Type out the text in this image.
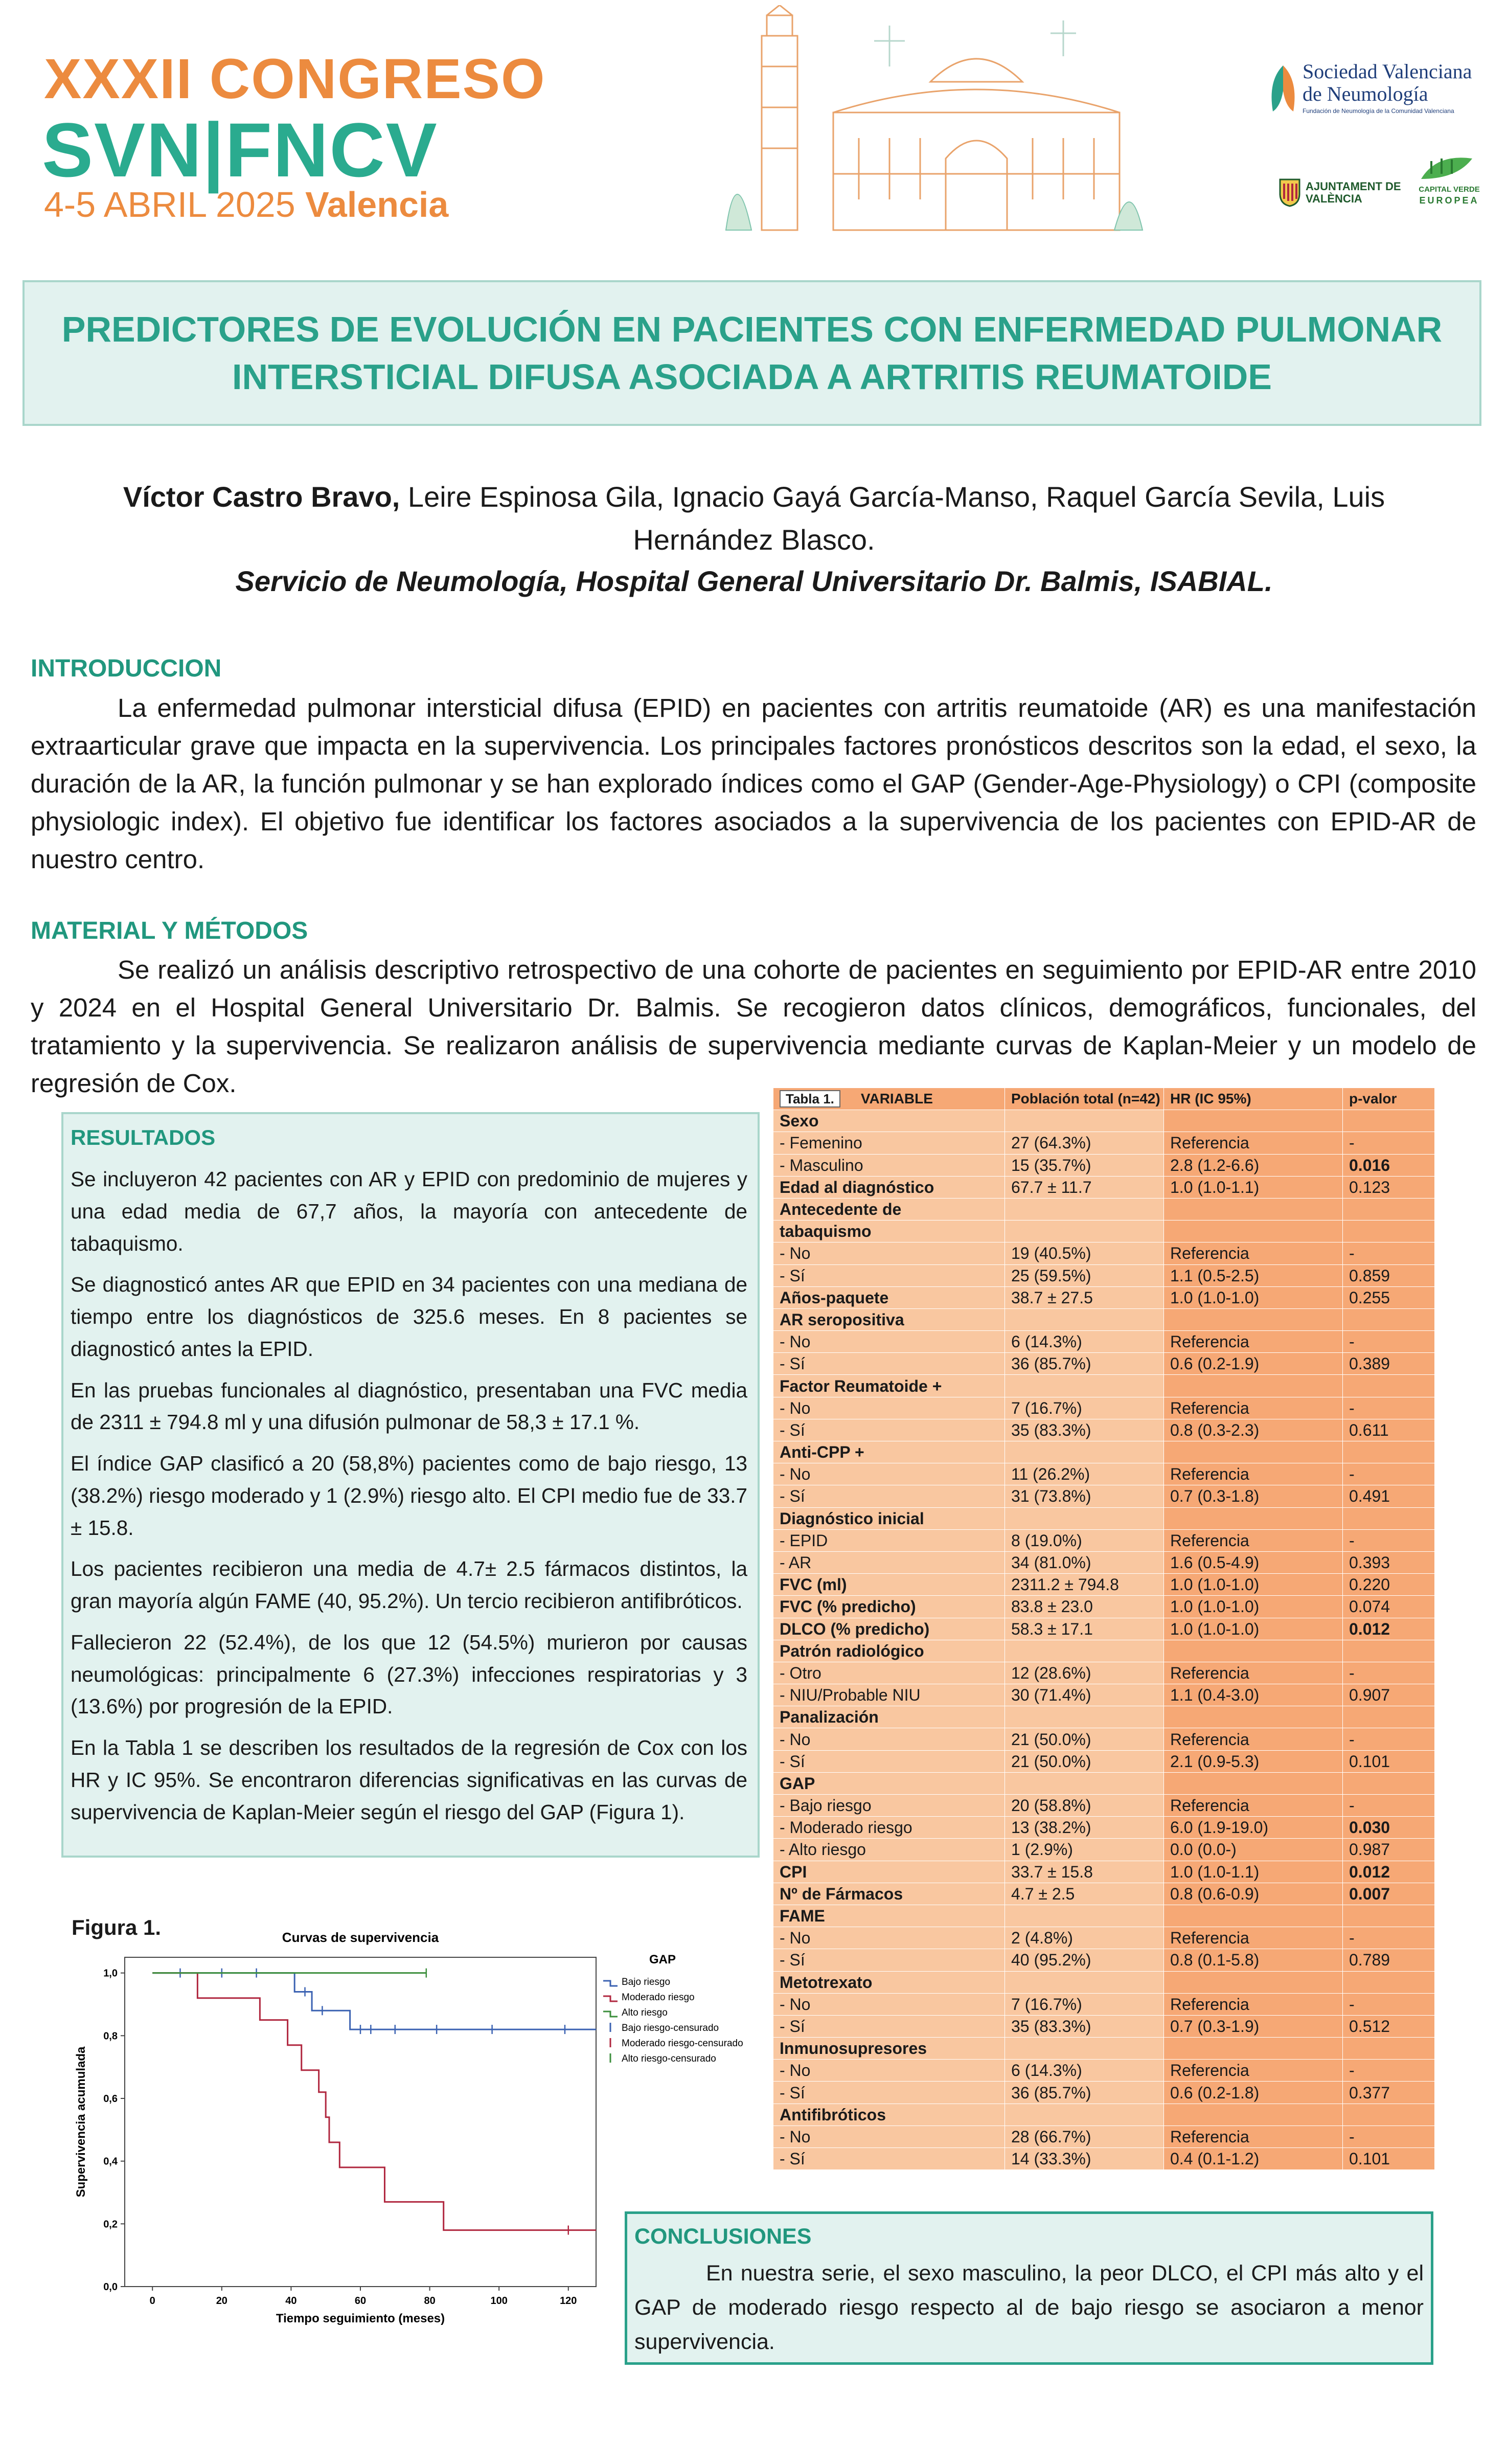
XXXII CONGRESO
SVN|FNCV
4-5 ABRIL 2025 Valencia
Sociedad Valenciana
de Neumología
Fundación de Neumología de la Comunidad Valenciana
AJUNTAMENT DE VALÈNCIA
CAPITAL VERDE
EUROPEA
PREDICTORES DE EVOLUCIÓN EN PACIENTES CON ENFERMEDAD PULMONAR INTERSTICIAL DIFUSA ASOCIADA A ARTRITIS REUMATOIDE
Víctor Castro Bravo, Leire Espinosa Gila, Ignacio Gayá García-Manso, Raquel García Sevila, Luis Hernández Blasco.
Servicio de Neumología, Hospital General Universitario Dr. Balmis, ISABIAL.
INTRODUCCION
La enfermedad pulmonar intersticial difusa (EPID) en pacientes con artritis reumatoide (AR) es una manifestación extraarticular grave que impacta en la supervivencia. Los principales factores pronósticos descritos son la edad, el sexo, la duración de la AR, la función pulmonar y se han explorado índices como el GAP (Gender-Age-Physiology) o CPI (composite physiologic index). El objetivo fue identificar los factores asociados a la supervivencia de los pacientes con EPID-AR de nuestro centro.
MATERIAL Y MÉTODOS
Se realizó un análisis descriptivo retrospectivo de una cohorte de pacientes en seguimiento por EPID-AR entre 2010 y 2024 en el Hospital General Universitario Dr. Balmis. Se recogieron datos clínicos, demográficos, funcionales, del tratamiento y la supervivencia. Se realizaron análisis de supervivencia mediante curvas de Kaplan-Meier y un modelo de regresión de Cox.
RESULTADOS

Se incluyeron 42 pacientes con AR y EPID con predominio de mujeres y una edad media de 67,7 años, la mayoría con antecedente de tabaquismo.

Se diagnosticó antes AR que EPID en 34 pacientes con una mediana de tiempo entre los diagnósticos de 325.6 meses. En 8 pacientes se diagnosticó antes la EPID.

En las pruebas funcionales al diagnóstico, presentaban una FVC media de 2311 ± 794.8 ml y una difusión pulmonar de 58,3 ± 17.1 %.

El índice GAP clasificó a 20 (58,8%) pacientes como de bajo riesgo, 13 (38.2%) riesgo moderado y 1 (2.9%) riesgo alto. El CPI medio fue de 33.7 ± 15.8.

Los pacientes recibieron una media de 4.7± 2.5 fármacos distintos, la gran mayoría algún FAME (40, 95.2%). Un tercio recibieron antifibróticos.

Fallecieron 22 (52.4%), de los que 12 (54.5%) murieron por causas neumológicas: principalmente 6 (27.3%) infecciones respiratorias y 3 (13.6%) por progresión de la EPID.

En la Tabla 1 se describen los resultados de la regresión de Cox con los HR y IC 95%. Se encontraron diferencias significativas en las curvas de supervivencia de Kaplan-Meier según el riesgo del GAP (Figura 1).

Tabla 1. VARIABLE	Población total (n=42)	HR (IC 95%)	p-valor
Sexo			
- Femenino	27 (64.3%)	Referencia	-
- Masculino	15 (35.7%)	2.8 (1.2-6.6)	0.016
Edad al diagnóstico	67.7 ± 11.7	1.0 (1.0-1.1)	0.123
Antecedente de			
tabaquismo			
- No	19 (40.5%)	Referencia	-
- Sí	25 (59.5%)	1.1 (0.5-2.5)	0.859
Años-paquete	38.7 ± 27.5	1.0 (1.0-1.0)	0.255
AR seropositiva			
- No	6 (14.3%)	Referencia	-
- Sí	36 (85.7%)	0.6 (0.2-1.9)	0.389
Factor Reumatoide +			
- No	7 (16.7%)	Referencia	-
- Sí	35 (83.3%)	0.8 (0.3-2.3)	0.611
Anti-CPP +			
- No	11 (26.2%)	Referencia	-
- Sí	31 (73.8%)	0.7 (0.3-1.8)	0.491
Diagnóstico inicial			
- EPID	8 (19.0%)	Referencia	-
- AR	34 (81.0%)	1.6 (0.5-4.9)	0.393
FVC (ml)	2311.2 ± 794.8	1.0 (1.0-1.0)	0.220
FVC (% predicho)	83.8 ± 23.0	1.0 (1.0-1.0)	0.074
DLCO (% predicho)	58.3 ± 17.1	1.0 (1.0-1.0)	0.012
Patrón radiológico			
- Otro	12 (28.6%)	Referencia	-
- NIU/Probable NIU	30 (71.4%)	1.1 (0.4-3.0)	0.907
Panalización			
- No	21 (50.0%)	Referencia	-
- Sí	21 (50.0%)	2.1 (0.9-5.3)	0.101
GAP			
- Bajo riesgo	20 (58.8%)	Referencia	-
- Moderado riesgo	13 (38.2%)	6.0 (1.9-19.0)	0.030
- Alto riesgo	1 (2.9%)	0.0 (0.0-)	0.987
CPI	33.7 ± 15.8	1.0 (1.0-1.1)	0.012
Nº de Fármacos	4.7 ± 2.5	0.8 (0.6-0.9)	0.007
FAME			
- No	2 (4.8%)	Referencia	-
- Sí	40 (95.2%)	0.8 (0.1-5.8)	0.789
Metotrexato			
- No	7 (16.7%)	Referencia	-
- Sí	35 (83.3%)	0.7 (0.3-1.9)	0.512
Inmunosupresores			
- No	6 (14.3%)	Referencia	-
- Sí	36 (85.7%)	0.6 (0.2-1.8)	0.377
Antifibróticos			
- No	28 (66.7%)	Referencia	-
- Sí	14 (33.3%)	0.4 (0.1-1.2)	0.101
Figura 1.	Curvas de supervivencia
Tiempo seguimiento (meses)
Supervivencia acumulada
0	20	40	60	80	100	120
0,0
0,2
0,4
0,6
0,8
1,0
GAP
Bajo riesgo
Moderado riesgo
Alto riesgo
Bajo riesgo-censurado
Moderado riesgo-censurado
Alto riesgo-censurado
CONCLUSIONES

En nuestra serie, el sexo masculino, la peor DLCO, el CPI más alto y el GAP de moderado riesgo respecto al de bajo riesgo se asociaron a menor supervivencia.
